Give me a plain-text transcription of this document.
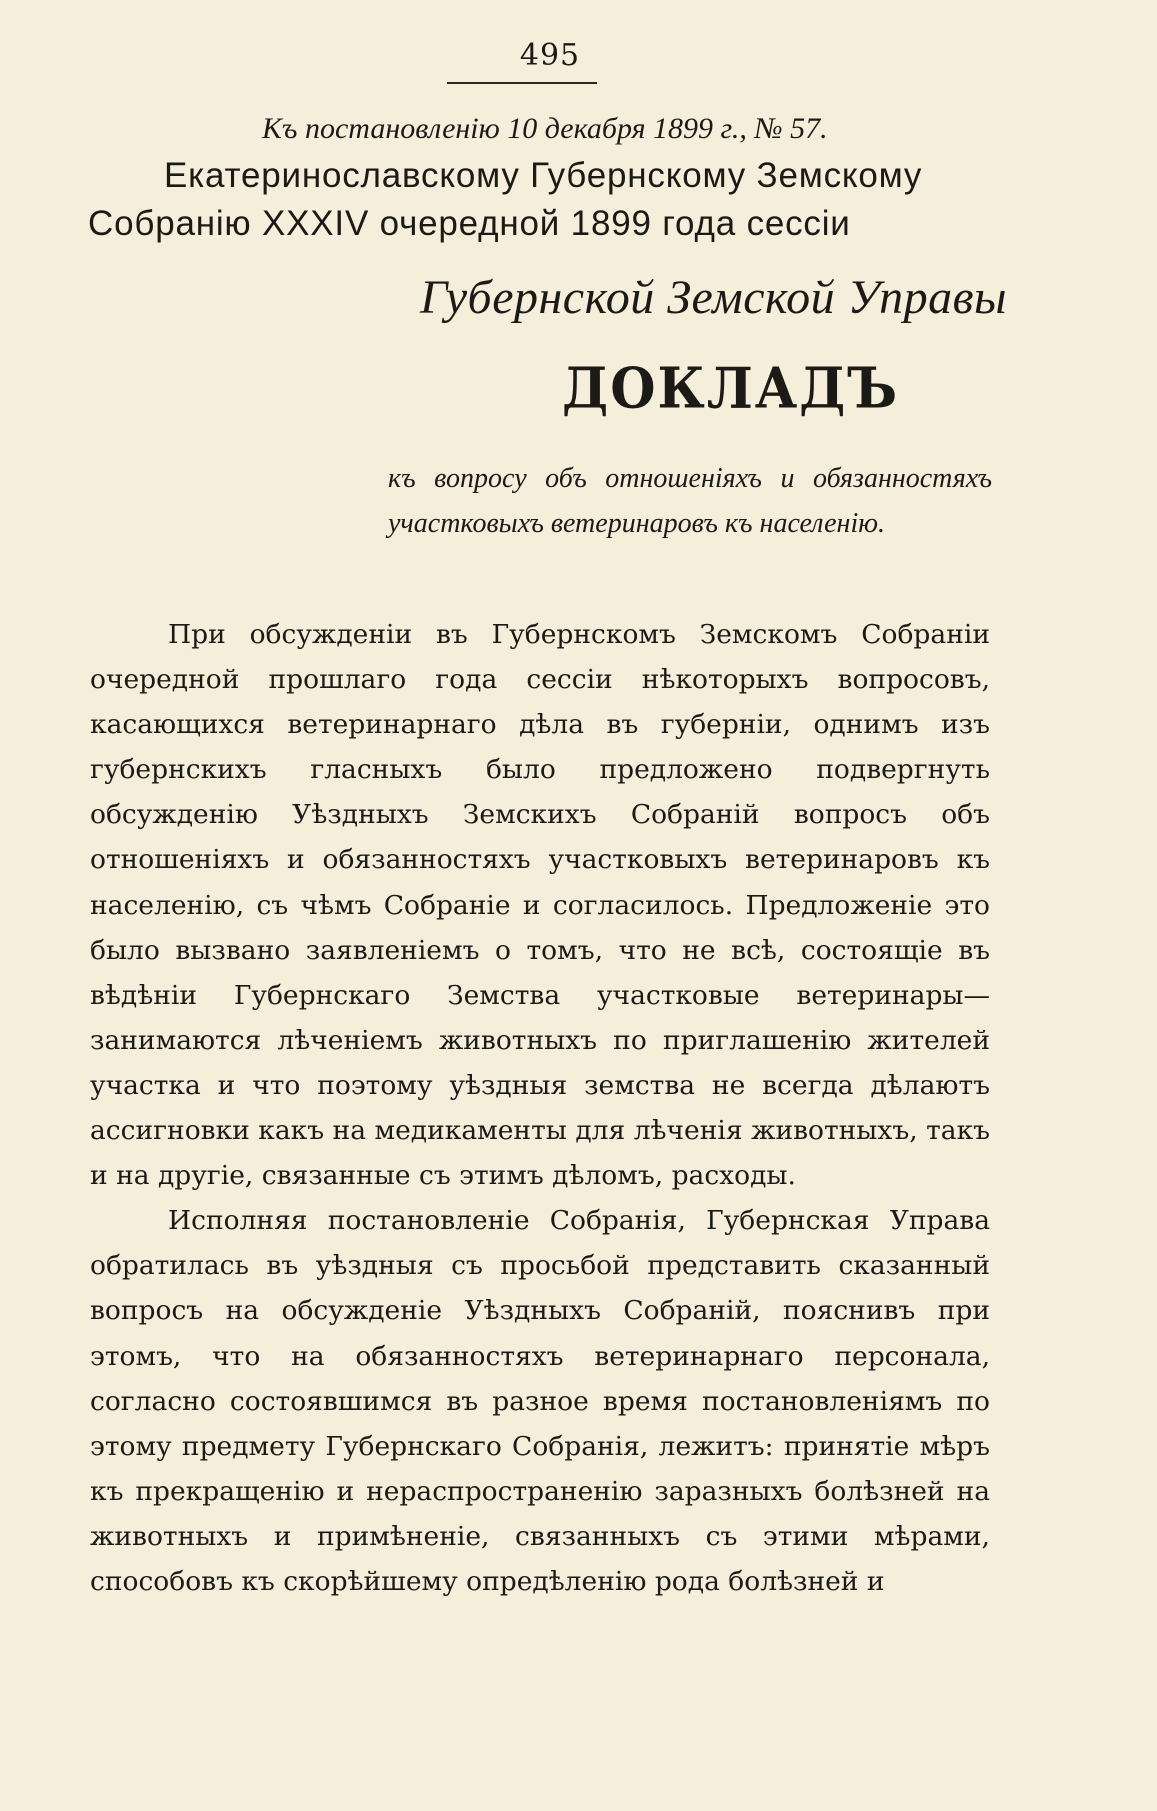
495
Къ постановленію 10 декабря 1899 г., № 57.
Екатеринославскому Губернскому Земскому
Собранію XXXIV очередной 1899 года сессіи
Губернской Земской Управы
ДОКЛАДЪ
къ вопросу объ отношеніяхъ и обязанностяхъ участковыхъ ветеринаровъ къ населенію.

При обсужденіи въ Губернскомъ Земскомъ Собраніи очередной прошлаго года сессіи нѣкоторыхъ вопросовъ, касающихся ветеринарнаго дѣла въ губерніи, однимъ изъ губернскихъ гласныхъ было предложено подвергнуть обсужденію Уѣздныхъ Земскихъ Собраній вопросъ объ отношеніяхъ и обязанностяхъ участковыхъ ветеринаровъ къ населенію, съ чѣмъ Собраніе и согласилось. Предложеніе это было вызвано заявленіемъ о томъ, что не всѣ, состоящіе въ вѣдѣніи Губернскаго Земства участковые ветеринары—занимаются лѣченіемъ животныхъ по приглашенію жителей участка и что поэтому уѣздныя земства не всегда дѣлаютъ ассигновки какъ на медикаменты для лѣченія животныхъ, такъ и на другіе, связанные съ этимъ дѣломъ, расходы.

Исполняя постановленіе Собранія, Губернская Управа обратилась въ уѣздныя съ просьбой представить сказанный вопросъ на обсужденіе Уѣздныхъ Собраній, пояснивъ при этомъ, что на обязанностяхъ ветеринарнаго персонала, согласно состоявшимся въ разное время постановленіямъ по этому предмету Губернскаго Собранія, лежитъ: принятіе мѣръ къ прекращенію и нераспространенію заразныхъ болѣзней на животныхъ и примѣненіе, связанныхъ съ этими мѣрами, способовъ къ скорѣйшему опредѣленію рода болѣзней и
